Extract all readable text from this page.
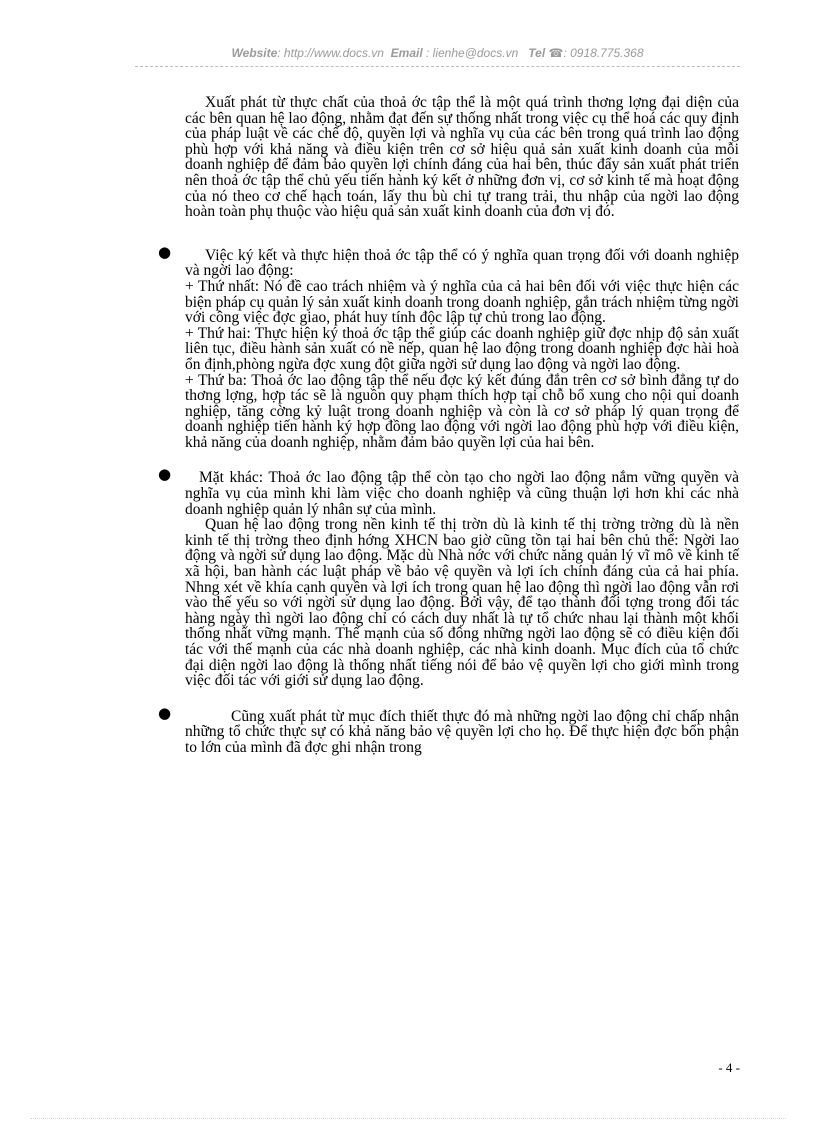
Website: http://www.docs.vn Email : lienhe@docs.vn Tel ☎: 0918.775.368

Xuất phát từ thực chất của thoả ớc tập thể là một quá trình thơng lợng đại diện của các bên quan hệ lao động, nhằm đạt đến sự thống nhất trong việc cụ thể hoá các quy định của pháp luật về các chế độ, quyền lợi và nghĩa vụ của các bên trong quá trình lao động phù hợp với khả năng và điều kiện trên cơ sở hiệu quả sản xuất kinh doanh của mỗi doanh nghiệp để đảm bảo quyền lợi chính đáng của hai bên, thúc đẩy sản xuất phát triển nên thoả ớc tập thể chủ yếu tiến hành ký kết ở những đơn vị, cơ sở kinh tế mà hoạt động của nó theo cơ chế hạch toán, lấy thu bù chi tự trang trải, thu nhập của ngời lao động hoàn toàn phụ thuộc vào hiệu quả sản xuất kinh doanh của đơn vị đó.

●	Việc ký kết và thực hiện thoả ớc tập thể có ý nghĩa quan trọng đối với doanh nghiệp và ngời lao động:

+ Thứ nhất: Nó đề cao trách nhiệm và ý nghĩa của cả hai bên đối với việc thực hiện các biện pháp cụ quản lý sản xuất kinh doanh trong doanh nghiệp, gắn trách nhiệm từng ngời với công việc đợc giao, phát huy tính độc lập tự chủ trong lao động.

+ Thứ hai: Thực hiện ký thoả ớc tập thể giúp các doanh nghiệp giữ đợc nhịp độ sản xuất liên tục, điều hành sản xuất có nề nếp, quan hệ lao động trong doanh nghiệp đợc hài hoà ổn định,phòng ngừa đợc xung đột giữa ngời sử dụng lao động và ngời lao động.

+ Thứ ba: Thoả ớc lao động tập thể nếu đợc ký kết đúng đắn trên cơ sở bình đẳng tự do thơng lợng, hợp tác sẽ là nguồn quy phạm thích hợp tại chỗ bổ xung cho nội qui doanh nghiệp, tăng cờng kỷ luật trong doanh nghiệp và còn là cơ sở pháp lý quan trọng để doanh nghiệp tiến hành ký hợp đồng lao động với ngời lao động phù hợp với điều kiện, khả năng của doanh nghiệp, nhằm đảm bảo quyền lợi của hai bên.

●	Mặt khác: Thoả ớc lao động tập thể còn tạo cho ngời lao động nắm vững quyền và nghĩa vụ của mình khi làm việc cho doanh nghiệp và cũng thuận lợi hơn khi các nhà doanh nghiệp quản lý nhân sự của mình.

Quan hệ lao động trong nền kinh tế thị trờn dù là kinh tế thị trờng trờng dù là nền kinh tế thị trờng theo định hớng XHCN bao giờ cũng tồn tại hai bên chủ thể: Ngời lao động và ngời sử dụng lao động. Mặc dù Nhà nớc với chức năng quản lý vĩ mô về kinh tế xã hội, ban hành các luật pháp về bảo vệ quyền và lợi ích chính đáng của cả hai phía. Nhng xét về khía cạnh quyền và lợi ích trong quan hệ lao động thì ngời lao động vẫn rơi vào thế yếu so với ngời sử dụng lao động. Bởi vậy, để tạo thành đối tợng trong đối tác hàng ngày thì ngời lao động chỉ có cách duy nhất là tự tổ chức nhau lại thành một khối thống nhất vững mạnh. Thế mạnh của số đông những ngời lao động sẽ có điều kiện đối tác với thế mạnh của các nhà doanh nghiệp, các nhà kinh doanh. Mục đích của tổ chức đại diện ngời lao động là thống nhất tiếng nói để bảo vệ quyền lợi cho giới mình trong việc đối tác với giới sử dụng lao động.

●	Cũng xuất phát từ mục đích thiết thực đó mà những ngời lao động chỉ chấp nhận những tổ chức thực sự có khả năng bảo vệ quyền lợi cho họ. Để thực hiện đợc bổn phận to lớn của mình đã đợc ghi nhận trong

- 4 -
